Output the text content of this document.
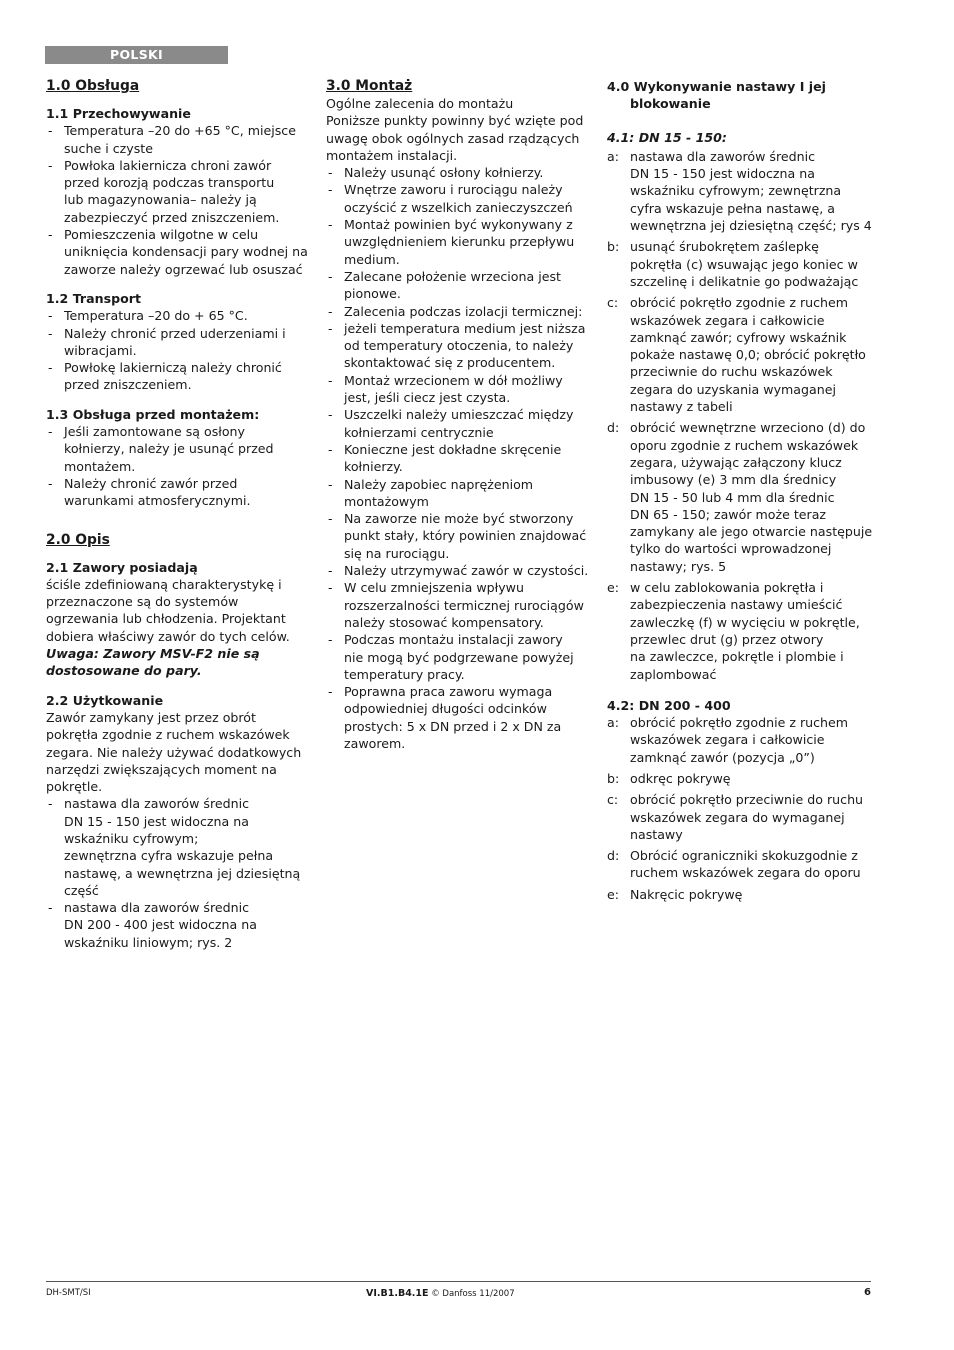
POLSKI
1.0 Obsługa
1.1 Przechowywanie
- Temperatura –20 do +65 °C, miejsce suche i czyste
- Powłoka lakiernicza chroni zawór przed korozją podczas transportu
lub magazynowania– należy ją zabezpieczyć przed zniszczeniem.
- Pomieszczenia wilgotne w celu uniknięcia kondensacji pary wodnej na zaworze należy ogrzewać lub osuszać
1.2 Transport
- Temperatura –20 do + 65 °C.
- Należy chronić przed uderzeniami i wibracjami.
- Powłokę lakierniczą należy chronić przed zniszczeniem.
1.3 Obsługa przed montażem:
- Jeśli zamontowane są osłony kołnierzy, należy je usunąć przed montażem.
- Należy chronić zawór przed warunkami atmosferycznymi.
2.0 Opis
2.1 Zawory posiadają

ściśle zdefiniowaną charakterystykę i przeznaczone są do systemów ogrzewania lub chłodzenia. Projektant dobiera właściwy zawór do tych celów.

Uwaga: Zawory MSV-F2 nie są dostosowane do pary.

2.2 Użytkowanie

Zawór zamykany jest przez obrót pokrętła zgodnie z ruchem wskazówek zegara. Nie należy używać dodatkowych narzędzi zwiększających moment na pokrętle.

- nastawa dla zaworów średnic
DN 15 - 150 jest widoczna na wskaźniku cyfrowym;
zewnętrzna cyfra wskazuje pełna nastawę, a wewnętrzna jej dziesiętną część
- nastawa dla zaworów średnic
DN 200 - 400 jest widoczna na
wskaźniku liniowym; rys. 2
3.0 Montaż

Ogólne zalecenia do montażu

Poniższe punkty powinny być wzięte pod uwagę obok ogólnych zasad rządzących montażem instalacji.

- Należy usunąć osłony kołnierzy.
- Wnętrze zaworu i rurociągu należy oczyścić z wszelkich zanieczyszczeń
- Montaż powinien być wykonywany z uwzględnieniem kierunku przepływu medium.
- Zalecane położenie wrzeciona jest pionowe.
- Zalecenia podczas izolacji termicznej:
- jeżeli temperatura medium jest niższa od temperatury otoczenia, to należy skontaktować się z producentem.
- Montaż wrzecionem w dół możliwy jest, jeśli ciecz jest czysta.
- Uszczelki należy umieszczać między kołnierzami centrycznie
- Konieczne jest dokładne skręcenie kołnierzy.
- Należy zapobiec naprężeniom montażowym
- Na zaworze nie może być stworzony punkt stały, który powinien znajdować się na rurociągu.
- Należy utrzymywać zawór w czystości.
- W celu zmniejszenia wpływu rozszerzalności termicznej rurociągów należy stosować kompensatory.
- Podczas montażu instalacji zawory
nie mogą być podgrzewane powyżej temperatury pracy.
- Poprawna praca zaworu wymaga odpowiedniej długości odcinków prostych: 5 x DN przed i 2 x DN za zaworem.
4.0 Wykonywanie nastawy I jej
blokowanie
4.1: DN 15 - 150:
a: nastawa dla zaworów średnic
DN 15 - 150 jest widoczna na wskaźniku cyfrowym; zewnętrzna cyfra wskazuje pełna nastawę, a wewnętrzna jej dziesiętną część; rys 4
b: usunąć śrubokrętem zaślepkę pokrętła (c) wsuwając jego koniec w szczelinę i delikatnie go podważając
c: obrócić pokrętło zgodnie z ruchem wskazówek zegara i całkowicie zamknąć zawór; cyfrowy wskaźnik pokaże nastawę 0,0; obrócić pokrętło przeciwnie do ruchu wskazówek zegara do uzyskania wymaganej nastawy z tabeli
d: obrócić wewnętrzne wrzeciono (d) do oporu zgodnie z ruchem wskazówek zegara, używając załączony klucz imbusowy (e) 3 mm dla średnicy
DN 15 - 50 lub 4 mm dla średnic
DN 65 - 150; zawór może teraz zamykany ale jego otwarcie następuje tylko do wartości wprowadzonej nastawy; rys. 5
e: w celu zablokowania pokrętła i zabezpieczenia nastawy umieścić zawleczkę (f) w wycięciu w pokrętle, przewlec drut (g) przez otwory
na zawleczce, pokrętle i plombie i zaplombować
4.2: DN 200 - 400
a: obrócić pokrętło zgodnie z ruchem wskazówek zegara i całkowicie zamknąć zawór (pozycja „0”)
b: odkręc pokrywę
c: obrócić pokrętło przeciwnie do ruchu wskazówek zegara do wymaganej nastawy
d: Obrócić ograniczniki skokuzgodnie z ruchem wskazówek zegara do oporu
e: Nakręcic pokrywę
DH-SMT/SI	VI.B1.B4.1E © Danfoss 11/2007	6
